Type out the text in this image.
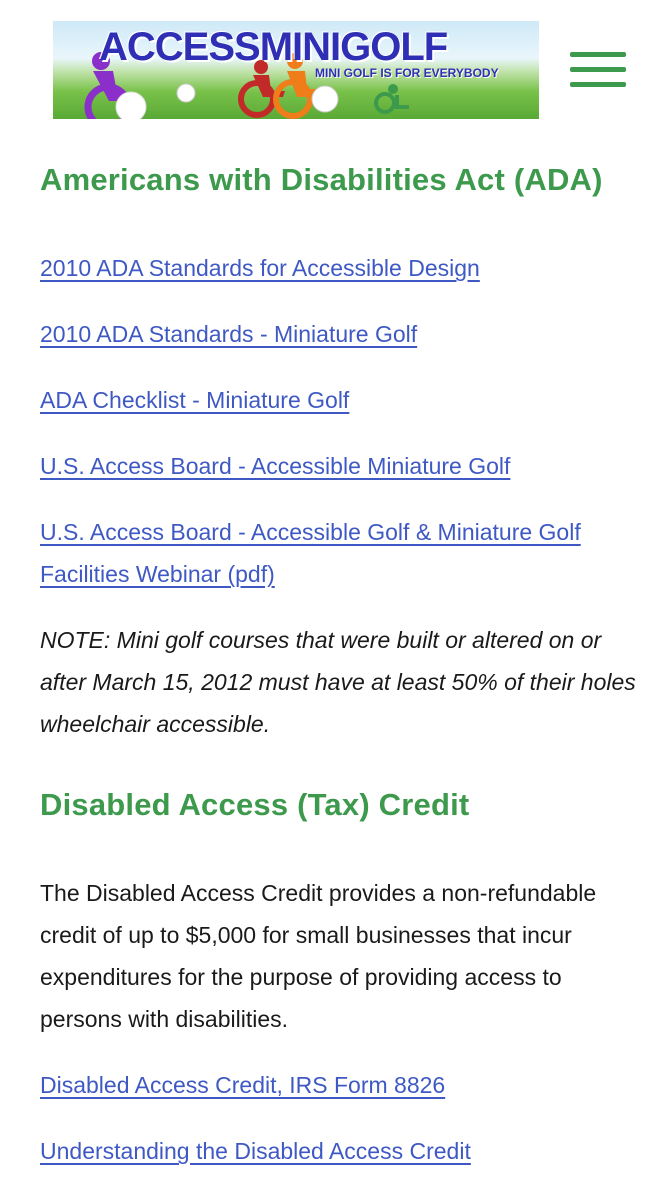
ACCESSMINIGOLF
MINI GOLF IS FOR EVERYBODY
Americans with Disabilities Act (ADA)
2010 ADA Standards for Accessible Design
2010 ADA Standards - Miniature Golf
ADA Checklist - Miniature Golf
U.S. Access Board - Accessible Miniature Golf
U.S. Access Board - Accessible Golf & Miniature Golf Facilities Webinar (pdf)

NOTE: Mini golf courses that were built or altered on or after March 15, 2012 must have at least 50% of their holes wheelchair accessible.

Disabled Access (Tax) Credit

The Disabled Access Credit provides a non-refundable credit of up to $5,000 for small businesses that incur expenditures for the purpose of providing access to persons with disabilities.

Disabled Access Credit, IRS Form 8826
Understanding the Disabled Access Credit
